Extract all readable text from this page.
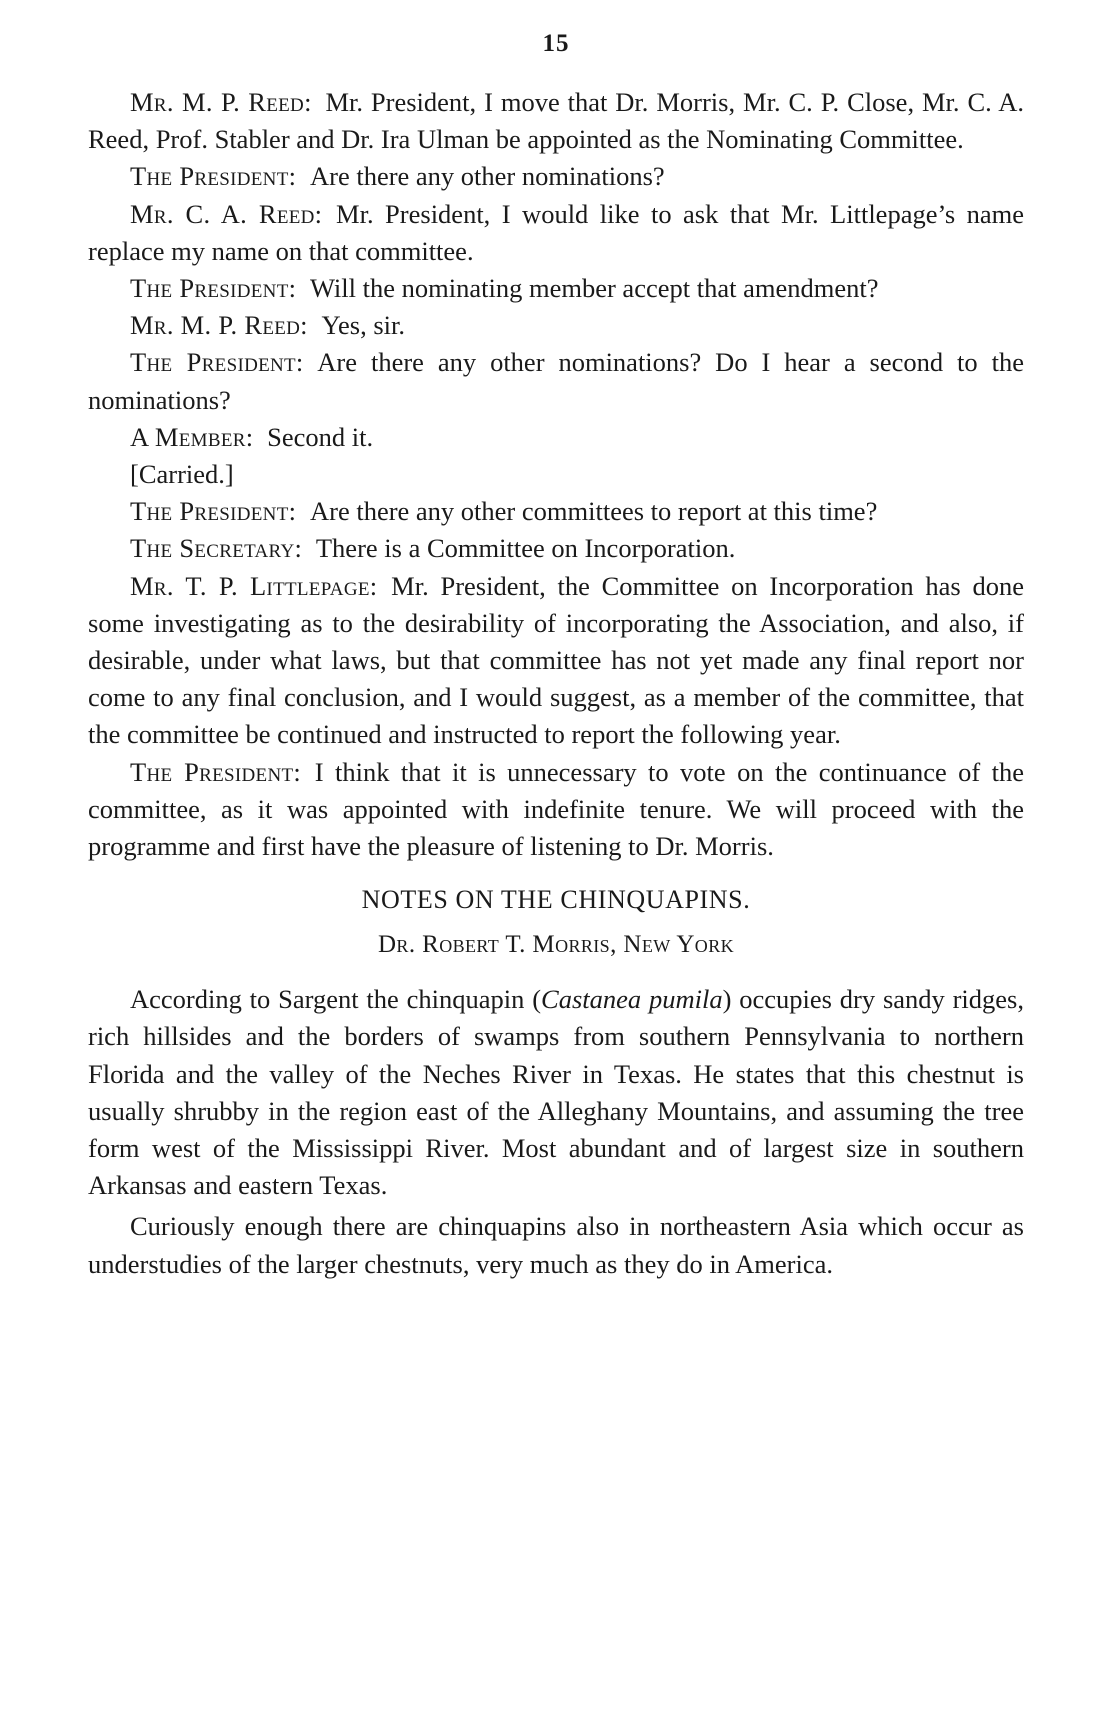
15

Mr. M. P. Reed: Mr. President, I move that Dr. Morris, Mr. C. P. Close, Mr. C. A. Reed, Prof. Stabler and Dr. Ira Ulman be appointed as the Nominating Committee.

The President: Are there any other nominations?

Mr. C. A. Reed: Mr. President, I would like to ask that Mr. Littlepage’s name replace my name on that committee.

The President: Will the nominating member accept that amendment?

Mr. M. P. Reed: Yes, sir.

The President: Are there any other nominations? Do I hear a second to the nominations?

A Member: Second it.

[Carried.]

The President: Are there any other committees to report at this time?

The Secretary: There is a Committee on Incorporation.

Mr. T. P. Littlepage: Mr. President, the Committee on Incorporation has done some investigating as to the desirability of incorporating the Association, and also, if desirable, under what laws, but that committee has not yet made any final report nor come to any final conclusion, and I would suggest, as a member of the committee, that the committee be continued and instructed to report the following year.

The President: I think that it is unnecessary to vote on the continuance of the committee, as it was appointed with indefinite tenure. We will proceed with the programme and first have the pleasure of listening to Dr. Morris.

NOTES ON THE CHINQUAPINS.
Dr. Robert T. Morris, New York

According to Sargent the chinquapin (Castanea pumila) occupies dry sandy ridges, rich hillsides and the borders of swamps from southern Pennsylvania to northern Florida and the valley of the Neches River in Texas. He states that this chestnut is usually shrubby in the region east of the Alleghany Mountains, and assuming the tree form west of the Mississippi River. Most abundant and of largest size in southern Arkansas and eastern Texas.

Curiously enough there are chinquapins also in northeastern Asia which occur as understudies of the larger chestnuts, very much as they do in America.
